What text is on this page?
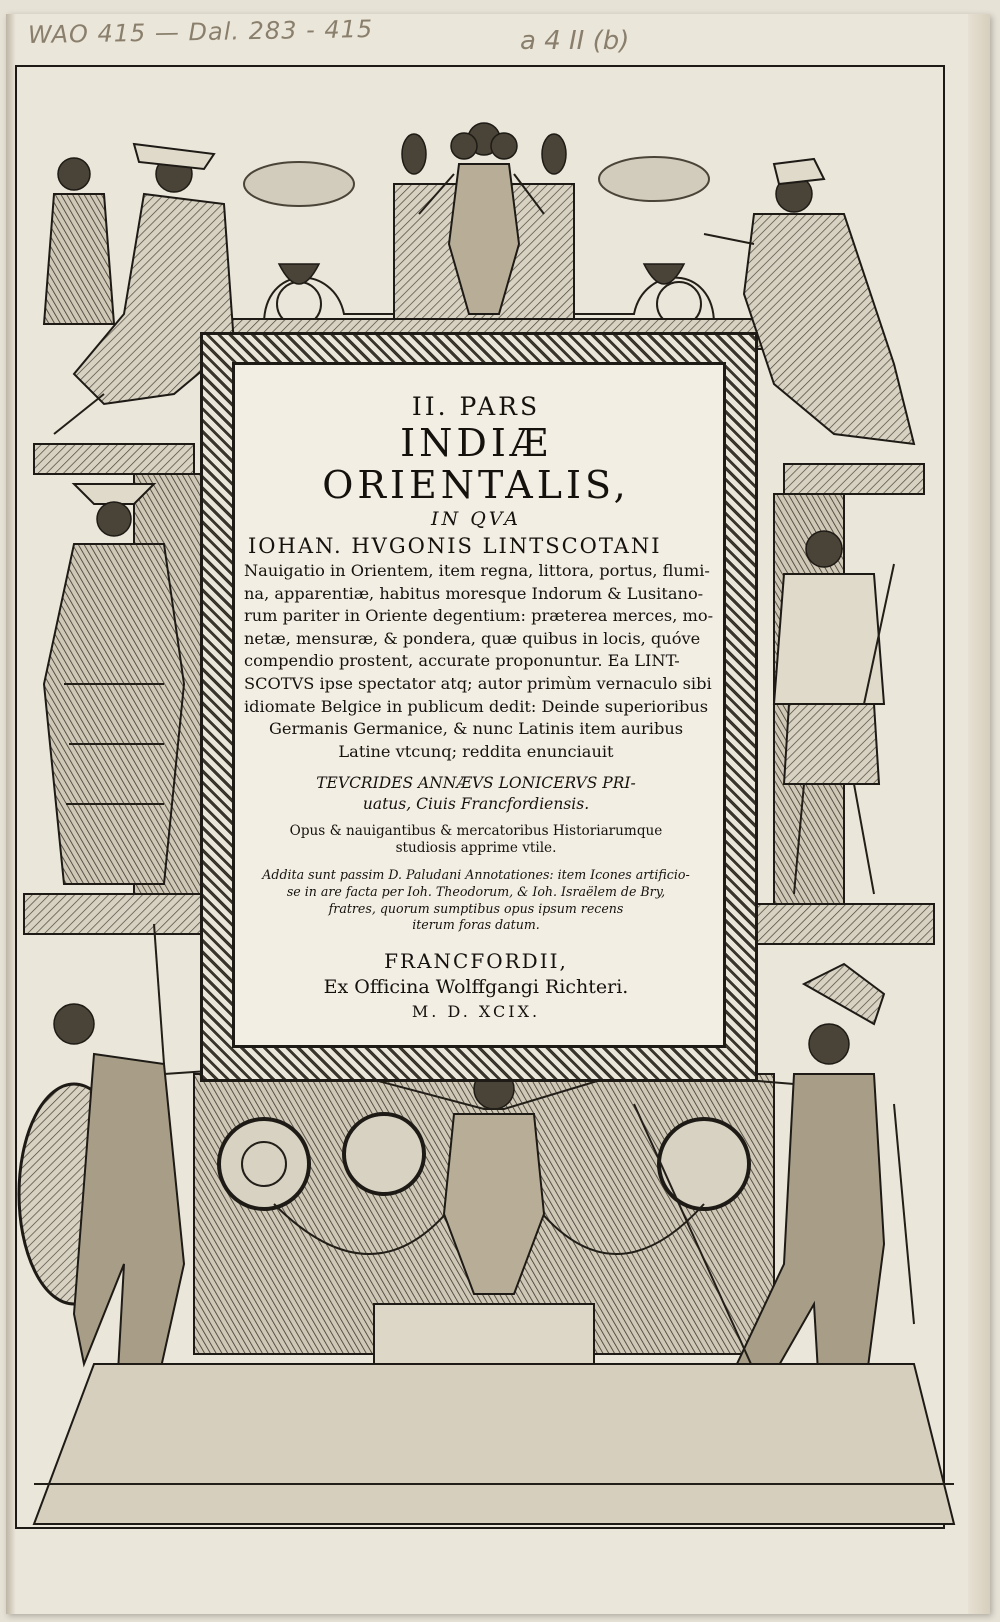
WAO 415 — Dal. 283 - 415	a 4 II (b)
II. PARS
INDIÆ ORIENTALIS,
IN QVA
IOHAN. HVGONIS LINTSCOTANI
Nauigatio in Orientem, item regna, littora, portus, flumi-
na, apparentiæ, habitus moresque Indorum & Lusitano-
rum pariter in Oriente degentium: præterea merces, mo-
netæ, mensuræ, & pondera, quæ quibus in locis, quóve
compendio prostent, accurate proponuntur. Ea LINT-
SCOTVS ipse spectator atq; autor primùm vernaculo sibi
idiomate Belgice in publicum dedit: Deinde superioribus
Germanis Germanice, & nunc Latinis item auribus
Latine vtcunq; reddita enunciauit
TEVCRIDES ANNÆVS LONICERVS PRI-
uatus, Ciuis Francfordiensis.
Opus & nauigantibus & mercatoribus Historiarumque
studiosis apprime vtile.
Addita sunt passim D. Paludani Annotationes: item Icones artificio-
se in are facta per Ioh. Theodorum, & Ioh. Israëlem de Bry,
fratres, quorum sumptibus opus ipsum recens
iterum foras datum.
FRANCFORDII,
Ex Officina Wolffgangi Richteri.
M. D. XCIX.
